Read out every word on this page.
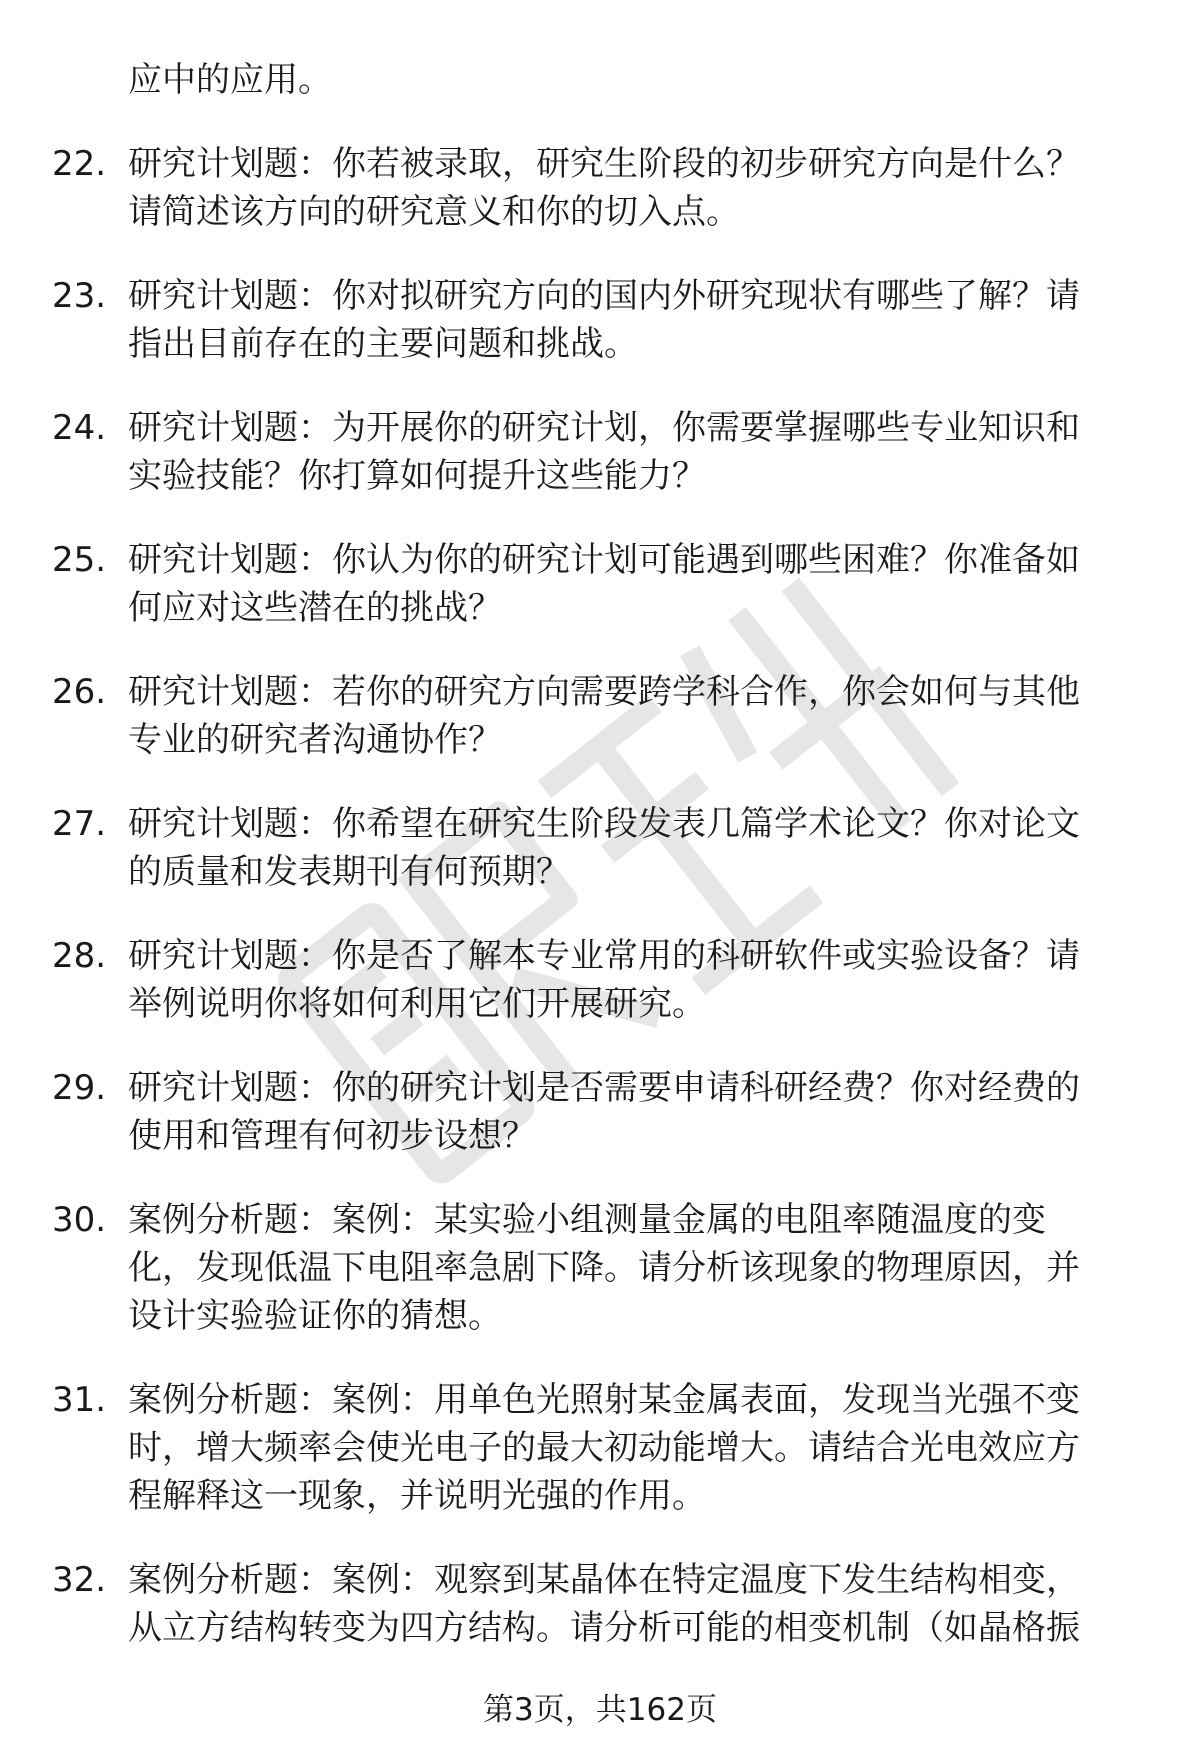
应中的应用。
22. 研究计划题：你若被录取，研究生阶段的初步研究方向是什么？
请简述该方向的研究意义和你的切入点。
23. 研究计划题：你对拟研究方向的国内外研究现状有哪些了解？请
指出目前存在的主要问题和挑战。
24. 研究计划题：为开展你的研究计划，你需要掌握哪些专业知识和
实验技能？你打算如何提升这些能力？
25. 研究计划题：你认为你的研究计划可能遇到哪些困难？你准备如
何应对这些潜在的挑战？
26. 研究计划题：若你的研究方向需要跨学科合作，你会如何与其他
专业的研究者沟通协作？
27. 研究计划题：你希望在研究生阶段发表几篇学术论文？你对论文
的质量和发表期刊有何预期？
28. 研究计划题：你是否了解本专业常用的科研软件或实验设备？请
举例说明你将如何利用它们开展研究。
29. 研究计划题：你的研究计划是否需要申请科研经费？你对经费的
使用和管理有何初步设想？
30. 案例分析题：案例：某实验小组测量金属的电阻率随温度的变
化，发现低温下电阻率急剧下降。请分析该现象的物理原因，并
设计实验验证你的猜想。
31. 案例分析题：案例：用单色光照射某金属表面，发现当光强不变
时，增大频率会使光电子的最大初动能增大。请结合光电效应方
程解释这一现象，并说明光强的作用。
32. 案例分析题：案例：观察到某晶体在特定温度下发生结构相变，
从立方结构转变为四方结构。请分析可能的相变机制（如晶格振
第3页，共162页
